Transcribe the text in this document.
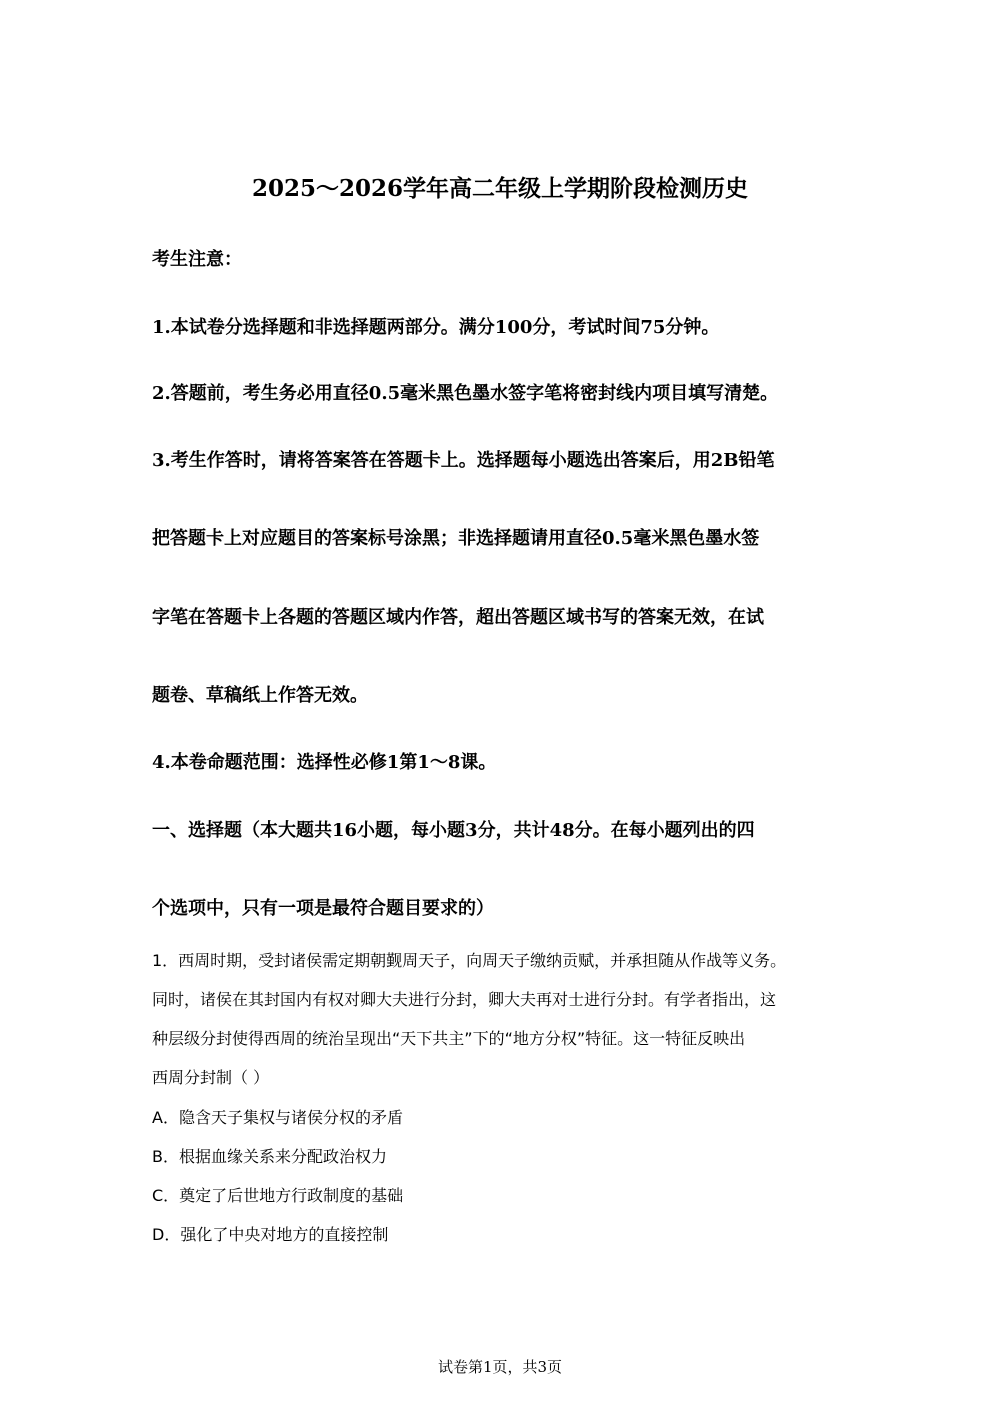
2025～2026学年高二年级上学期阶段检测历史
考生注意：
1.本试卷分选择题和非选择题两部分。满分100分，考试时间75分钟。
2.答题前，考生务必用直径0.5毫米黑色墨水签字笔将密封线内项目填写清楚。
3.考生作答时，请将答案答在答题卡上。选择题每小题选出答案后，用2B铅笔
把答题卡上对应题目的答案标号涂黑；非选择题请用直径0.5毫米黑色墨水签
字笔在答题卡上各题的答题区域内作答，超出答题区域书写的答案无效，在试
题卷、草稿纸上作答无效。
4.本卷命题范围：选择性必修1第1～8课。
一、选择题（本大题共16小题，每小题3分，共计48分。在每小题列出的四
个选项中，只有一项是最符合题目要求的）
1．西周时期，受封诸侯需定期朝觐周天子，向周天子缴纳贡赋，并承担随从作战等义务。
同时，诸侯在其封国内有权对卿大夫进行分封，卿大夫再对士进行分封。有学者指出，这
种层级分封使得西周的统治呈现出“天下共主”下的“地方分权”特征。这一特征反映出
西周分封制（ ）
A．隐含天子集权与诸侯分权的矛盾
B．根据血缘关系来分配政治权力
C．奠定了后世地方行政制度的基础
D．强化了中央对地方的直接控制
试卷第1页，共3页
